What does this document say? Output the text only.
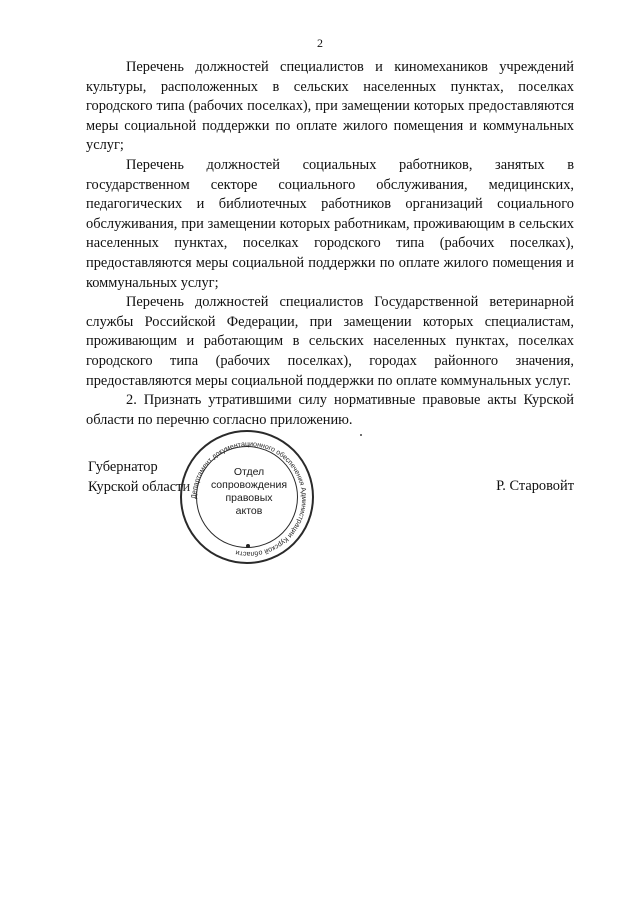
2

Перечень должностей специалистов и киномехаников учреждений культуры, расположенных в сельских населенных пунктах, поселках городского типа (рабочих поселках), при замещении которых предоставляются меры социальной поддержки по оплате жилого помещения и коммунальных услуг;

Перечень должностей социальных работников, занятых в государственном секторе социального обслуживания, медицинских, педагогических и библиотечных работников организаций социального обслуживания, при замещении которых работникам, проживающим в сельских населенных пунктах, поселках городского типа (рабочих поселках), предоставляются меры социальной поддержки по оплате жилого помещения и коммунальных услуг;

Перечень должностей специалистов Государственной ветеринарной службы Российской Федерации, при замещении которых специалистам, проживающим и работающим в сельских населенных пунктах, поселках городского типа (рабочих поселках), городах районного значения, предоставляются меры социальной поддержки по оплате коммунальных услуг.

2. Признать утратившими силу нормативные правовые акты Курской области по перечню согласно приложению.

Губернатор
Курской области
Департамент документационного обеспечения Администрации Курской области
Отдел
сопровождения
правовых
актов
Р. Старовойт
